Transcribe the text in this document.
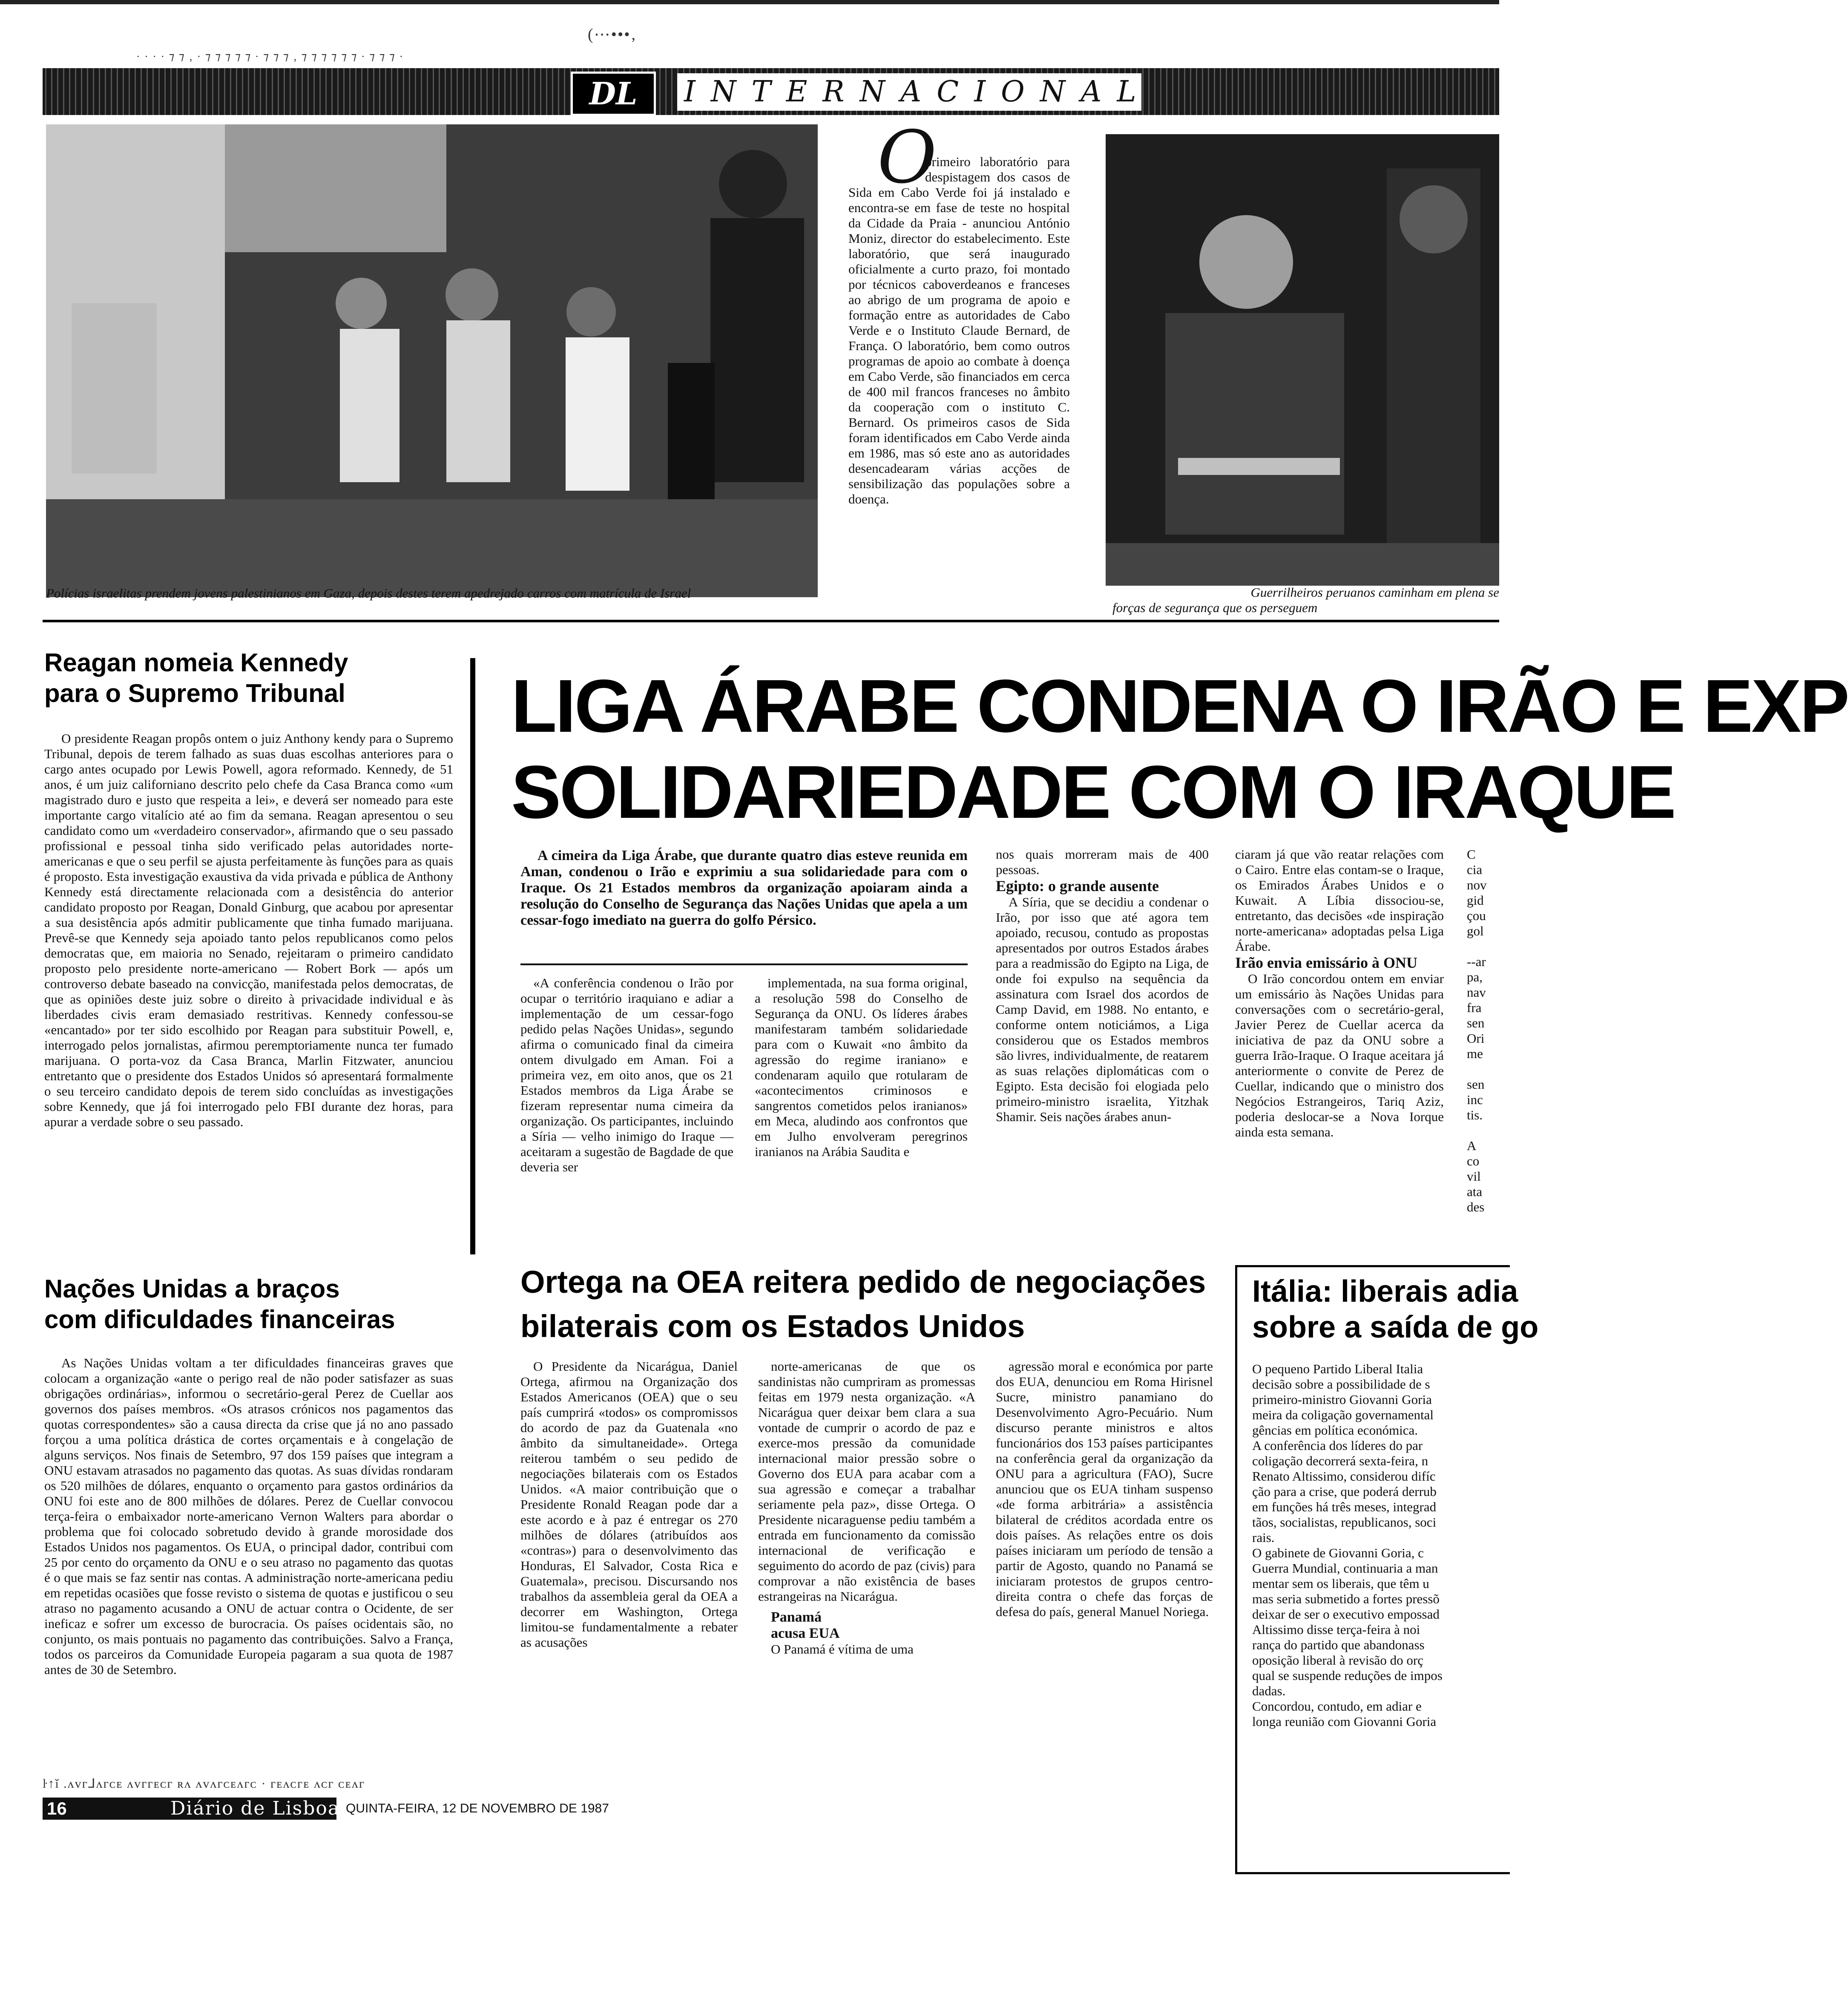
(⋯•••‚
· · · · ⁊ ⁊ ‚ · ⁊ ⁊ ⁊ ⁊ ⁊ · ⁊ ⁊ ⁊ ‚ ⁊ ⁊ ⁊ ⁊ ⁊ ⁊ · ⁊ ⁊ ⁊ ·
DL	INTERNACIONAL
Polícias israelitas prendem jovens palestinianos em Gaza, depois destes terem apedrejado carros com matrícula de Israel	Guerrilheiros peruanos caminham em plena se
forças de segurança que os perseguem
O
primeiro laboratório para despistagem dos casos de Sida em Cabo Verde foi já instalado e encontra-se em fase de teste no hospital da Cidade da Praia - anunciou António Moniz, director do estabelecimento. Este laboratório, que será inaugurado oficialmente a curto prazo, foi montado por técnicos caboverdeanos e franceses ao abrigo de um programa de apoio e formação entre as autoridades de Cabo Verde e o Instituto Claude Bernard, de França. O laboratório, bem como outros programas de apoio ao combate à doença em Cabo Verde, são financiados em cerca de 400 mil francos franceses no âmbito da cooperação com o instituto C. Bernard. Os primeiros casos de Sida foram identificados em Cabo Verde ainda em 1986, mas só este ano as autoridades desencadearam várias acções de sensibilização das populações sobre a doença.
Reagan nomeia Kennedy
para o Supremo Tribunal
O presidente Reagan propôs ontem o juiz Anthony kendy para o Supremo Tribunal, depois de terem falhado as suas duas escolhas anteriores para o cargo antes ocupado por Lewis Powell, agora reformado. Kennedy, de 51 anos, é um juiz californiano descrito pelo chefe da Casa Branca como «um magistrado duro e justo que respeita a lei», e deverá ser nomeado para este importante cargo vitalício até ao fim da semana. Reagan apresentou o seu candidato como um «verdadeiro conservador», afirmando que o seu passado profissional e pessoal tinha sido verificado pelas autoridades norte-americanas e que o seu perfil se ajusta perfeitamente às funções para as quais é proposto. Esta investigação exaustiva da vida privada e pública de Anthony Kennedy está directamente relacionada com a desistência do anterior candidato proposto por Reagan, Donald Ginburg, que acabou por apresentar a sua desistência após admitir publicamente que tinha fumado marijuana. Prevê-se que Kennedy seja apoiado tanto pelos republicanos como pelos democratas que, em maioria no Senado, rejeitaram o primeiro candidato proposto pelo presidente norte-americano — Robert Bork — após um controverso debate baseado na convicção, manifestada pelos democratas, de que as opiniões deste juiz sobre o direito à privacidade individual e às liberdades civis eram demasiado restritivas. Kennedy confessou-se «encantado» por ter sido escolhido por Reagan para substituir Powell, e, interrogado pelos jornalistas, afirmou peremptoriamente nunca ter fumado marijuana. O porta-voz da Casa Branca, Marlin Fitzwater, anunciou entretanto que o presidente dos Estados Unidos só apresentará formalmente o seu terceiro candidato depois de terem sido concluídas as investigações sobre Kennedy, que já foi interrogado pelo FBI durante dez horas, para apurar a verdade sobre o seu passado.
Nações Unidas a braços
com dificuldades financeiras
As Nações Unidas voltam a ter dificuldades financeiras graves que colocam a organização «ante o perigo real de não poder satisfazer as suas obrigações ordinárias», informou o secretário-geral Perez de Cuellar aos governos dos países membros. «Os atrasos crónicos nos pagamentos das quotas correspondentes» são a causa directa da crise que já no ano passado forçou a uma política drástica de cortes orçamentais e à congelação de alguns serviços. Nos finais de Setembro, 97 dos 159 países que integram a ONU estavam atrasados no pagamento das quotas. As suas dívidas rondaram os 520 milhões de dólares, enquanto o orçamento para gastos ordinários da ONU foi este ano de 800 milhões de dólares. Perez de Cuellar convocou terça-feira o embaixador norte-americano Vernon Walters para abordar o problema que foi colocado sobretudo devido à grande morosidade dos Estados Unidos nos pagamentos. Os EUA, o principal dador, contribui com 25 por cento do orçamento da ONU e o seu atraso no pagamento das quotas é o que mais se faz sentir nas contas. A administração norte-americana pediu em repetidas ocasiões que fosse revisto o sistema de quotas e justificou o seu atraso no pagamento acusando a ONU de actuar contra o Ocidente, de ser ineficaz e sofrer um excesso de burocracia. Os países ocidentais são, no conjunto, os mais pontuais no pagamento das contribuições. Salvo a França, todos os parceiros da Comunidade Europeia pagaram a sua quota de 1987 antes de 30 de Setembro.
LIGA ÁRABE CONDENA O IRÃO E EXP
SOLIDARIEDADE COM O IRAQUE
A cimeira da Liga Árabe, que durante quatro dias esteve reunida em Aman, condenou o Irão e exprimiu a sua solidariedade para com o Iraque. Os 21 Estados membros da organização apoiaram ainda a resolução do Conselho de Segurança das Nações Unidas que apela a um cessar-fogo imediato na guerra do golfo Pérsico.
«A conferência condenou o Irão por ocupar o território iraquiano e adiar a implementação de um cessar-fogo pedido pelas Nações Unidas», segundo afirma o comunicado final da cimeira ontem divulgado em Aman. Foi a primeira vez, em oito anos, que os 21 Estados membros da Liga Árabe se fizeram representar numa cimeira da organização. Os participantes, incluindo a Síria — velho inimigo do Iraque — aceitaram a sugestão de Bagdade de que deveria ser
implementada, na sua forma original, a resolução 598 do Conselho de Segurança da ONU. Os líderes árabes manifestaram também solidariedade para com o Kuwait «no âmbito da agressão do regime iraniano» e condenaram aquilo que rotularam de «acontecimentos criminosos e sangrentos cometidos pelos iranianos» em Meca, aludindo aos confrontos que em Julho envolveram peregrinos iranianos na Arábia Saudita e
nos quais morreram mais de 400 pessoas.
Egipto: o grande ausente
A Síria, que se decidiu a condenar o Irão, por isso que até agora tem apoiado, recusou, contudo as propostas apresentados por outros Estados árabes para a readmissão do Egipto na Liga, de onde foi expulso na sequência da assinatura com Israel dos acordos de Camp David, em 1988. No entanto, e conforme ontem noticiámos, a Liga considerou que os Estados membros são livres, individualmente, de reatarem as suas relações diplomáticas com o Egipto. Esta decisão foi elogiada pelo primeiro-ministro israelita, Yitzhak Shamir. Seis nações árabes anun-
ciaram já que vão reatar relações com o Cairo. Entre elas contam-se o Iraque, os Emirados Árabes Unidos e o Kuwait. A Líbia dissociou-se, entretanto, das decisões «de inspiração norte-americana» adoptadas pelsa Liga Árabe.
Irão envia emissário à ONU
O Irão concordou ontem em enviar um emissário às Nações Unidas para conversações com o secretário-geral, Javier Perez de Cuellar acerca da iniciativa de paz da ONU sobre a guerra Irão-Iraque. O Iraque aceitara já anteriormente o convite de Perez de Cuellar, indicando que o ministro dos Negócios Estrangeiros, Tariq Aziz, poderia deslocar-se a Nova Iorque ainda esta semana.
C
cia
nov
gid
çou
gol
--ar
pa,
nav
fra
sen
Ori
me
sen
inc
tis.
A
co
vil
ata
des
Ortega na OEA reitera pedido de negociações
bilaterais com os Estados Unidos
O Presidente da Nicarágua, Daniel Ortega, afirmou na Organização dos Estados Americanos (OEA) que o seu país cumprirá «todos» os compromissos do acordo de paz da Guatenala «no âmbito da simultaneidade». Ortega reiterou também o seu pedido de negociações bilaterais com os Estados Unidos. «A maior contribuição que o Presidente Ronald Reagan pode dar a este acordo e à paz é entregar os 270 milhões de dólares (atribuídos aos «contras») para o desenvolvimento das Honduras, El Salvador, Costa Rica e Guatemala», precisou. Discursando nos trabalhos da assembleia geral da OEA a decorrer em Washington, Ortega limitou-se fundamentalmente a rebater as acusações
norte-americanas de que os sandinistas não cumpriram as promessas feitas em 1979 nesta organização. «A Nicarágua quer deixar bem clara a sua vontade de cumprir o acordo de paz e exerce-mos pressão da comunidade internacional maior pressão sobre o Governo dos EUA para acabar com a sua agressão e começar a trabalhar seriamente pela paz», disse Ortega. O Presidente nicaraguense pediu também a entrada em funcionamento da comissão internacional de verificação e seguimento do acordo de paz (civis) para comprovar a não existência de bases estrangeiras na Nicarágua.
Panamá
acusa EUA
O Panamá é vítima de uma
agressão moral e económica por parte dos EUA, denunciou em Roma Hirisnel Sucre, ministro panamiano do Desenvolvimento Agro-Pecuário. Num discurso perante ministros e altos funcionários dos 153 países participantes na conferência geral da organização da ONU para a agricultura (FAO), Sucre anunciou que os EUA tinham suspenso «de forma arbitrária» a assistência bilateral de créditos acordada entre os dois países. As relações entre os dois países iniciaram um período de tensão a partir de Agosto, quando no Panamá se iniciaram protestos de grupos centro-direita contra o chefe das forças de defesa do país, general Manuel Noriega.
Itália: liberais adia
sobre a saída de go
O pequeno Partido Liberal Italia
decisão sobre a possibilidade de s
primeiro-ministro Giovanni Goria
meira da coligação governamental
gências em política económica.
A conferência dos líderes do par
coligação decorrerá sexta-feira, n
Renato Altissimo, considerou difíc
ção para a crise, que poderá derrub
em funções há três meses, integrad
tãos, socialistas, republicanos, soci
rais.
O gabinete de Giovanni Goria, c
Guerra Mundial, continuaria a man
mentar sem os liberais, que têm u
mas seria submetido a fortes pressõ
deixar de ser o executivo empossad
Altissimo disse terça-feira à noi
rança do partido que abandonass
oposição liberal à revisão do orç
qual se suspende reduções de impos
dadas.
Concordou, contudo, em adiar e
longa reunião com Giovanni Goria
ŀ↑ǐ .ᴧᴠᴦ⅃ᴧᴦᴄᴇ ᴧᴠᴦᴦᴇᴄᴦ ʀᴧ ᴧᴠᴧᴦᴄᴇᴧᴦᴄ · ᴦᴇᴧᴄᴦᴇ ᴧᴄᴦ ᴄᴇᴧᴦ
16	Diário de Lisboa QUINTA-FEIRA, 12 DE NOVEMBRO DE 1987
